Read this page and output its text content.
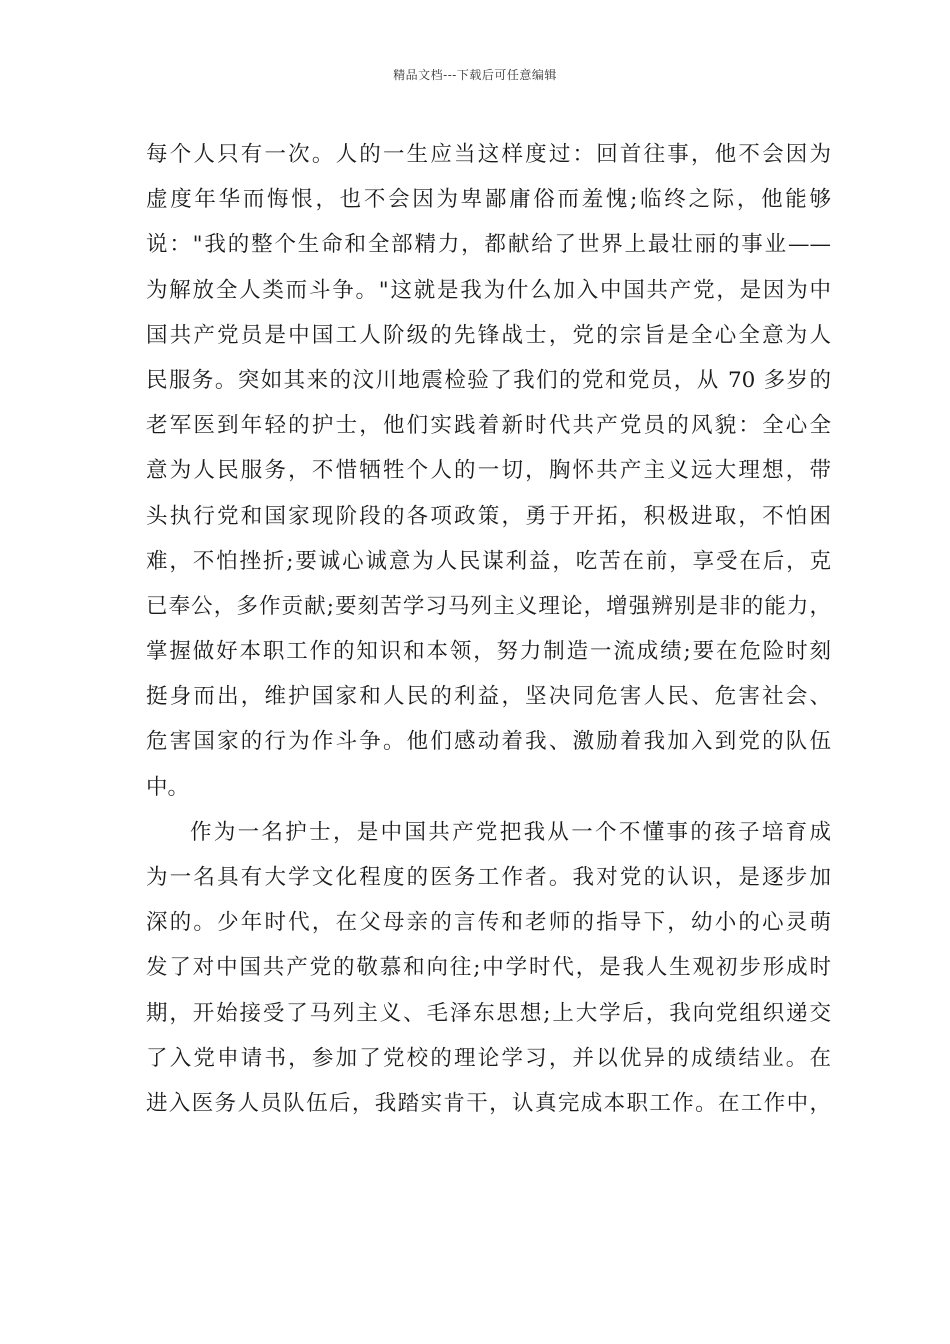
精品文档---下载后可任意编辑
每个人只有一次。人的一生应当这样度过：回首往事，他不会因为
虚度年华而悔恨，也不会因为卑鄙庸俗而羞愧;临终之际，他能够
说："我的整个生命和全部精力，都献给了世界上最壮丽的事业——
为解放全人类而斗争。"这就是我为什么加入中国共产党，是因为中
国共产党员是中国工人阶级的先锋战士，党的宗旨是全心全意为人
民服务。突如其来的汶川地震检验了我们的党和党员，从 70 多岁的
老军医到年轻的护士，他们实践着新时代共产党员的风貌：全心全
意为人民服务，不惜牺牲个人的一切，胸怀共产主义远大理想，带
头执行党和国家现阶段的各项政策，勇于开拓，积极进取，不怕困
难，不怕挫折;要诚心诚意为人民谋利益，吃苦在前，享受在后，克
已奉公，多作贡献;要刻苦学习马列主义理论，增强辨别是非的能力，
掌握做好本职工作的知识和本领，努力制造一流成绩;要在危险时刻
挺身而出，维护国家和人民的利益，坚决同危害人民、危害社会、
危害国家的行为作斗争。他们感动着我、激励着我加入到党的队伍
中。
作为一名护士，是中国共产党把我从一个不懂事的孩子培育成
为一名具有大学文化程度的医务工作者。我对党的认识，是逐步加
深的。少年时代，在父母亲的言传和老师的指导下，幼小的心灵萌
发了对中国共产党的敬慕和向往;中学时代，是我人生观初步形成时
期，开始接受了马列主义、毛泽东思想;上大学后，我向党组织递交
了入党申请书，参加了党校的理论学习，并以优异的成绩结业。在
进入医务人员队伍后，我踏实肯干，认真完成本职工作。在工作中，
